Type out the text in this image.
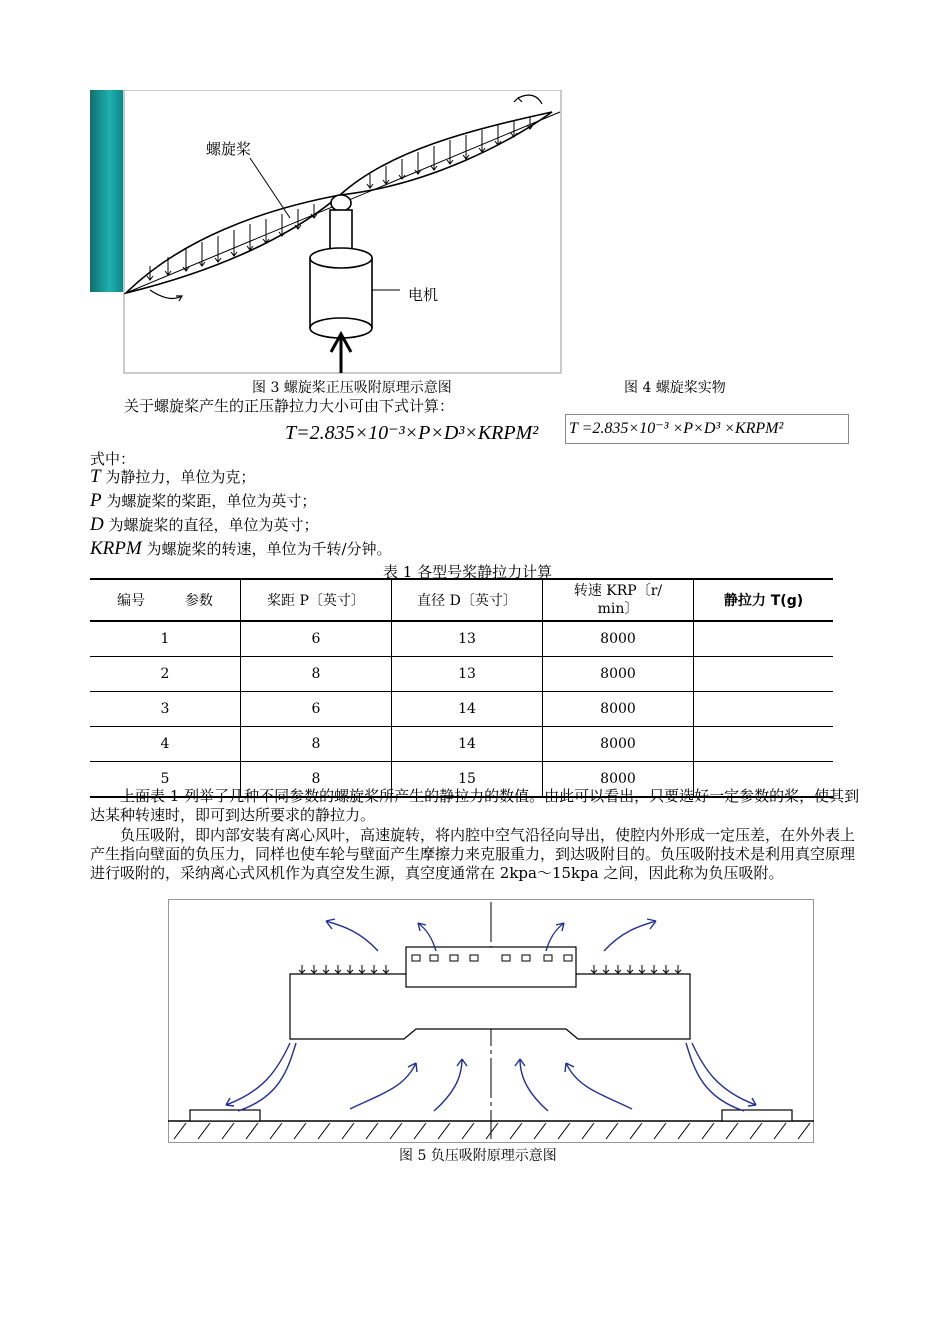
螺旋桨
电机
图 3 螺旋桨正压吸附原理示意图	图 4 螺旋桨实物
关于螺旋桨产生的正压静拉力大小可由下式计算：
T=2.835×10⁻³×P×D³×KRPM² T =2.835×10⁻³ ×P×D³ ×KRPM²
式中：
T 为静拉力，单位为克；
P 为螺旋桨的桨距，单位为英寸；
D 为螺旋桨的直径，单位为英寸；
KRPM 为螺旋桨的转速，单位为千转/分钟。
表 1 各型号桨静拉力计算
编号 参数	桨距 P〔英寸〕	直径 D〔英寸〕	转速 KRP〔r/
min〕	静拉力 T(g)
1	6	13	8000	
2	8	13	8000	
3	6	14	8000	
4	8	14	8000	
5	8	15	8000	
上面表 1 列举了几种不同参数的螺旋桨所产生的静拉力的数值。由此可以看出，只要选好一定参数的桨，使其到达某种转速时，即可到达所要求的静拉力。
负压吸附，即内部安装有离心风叶，高速旋转，将内腔中空气沿径向导出，使腔内外形成一定压差，在外外表上产生指向壁面的负压力，同样也使车轮与壁面产生摩擦力来克服重力，到达吸附目的。负压吸附技术是利用真空原理进行吸附的，采纳离心式风机作为真空发生源，真空度通常在 2kpa～15kpa 之间，因此称为负压吸附。
图 5 负压吸附原理示意图
